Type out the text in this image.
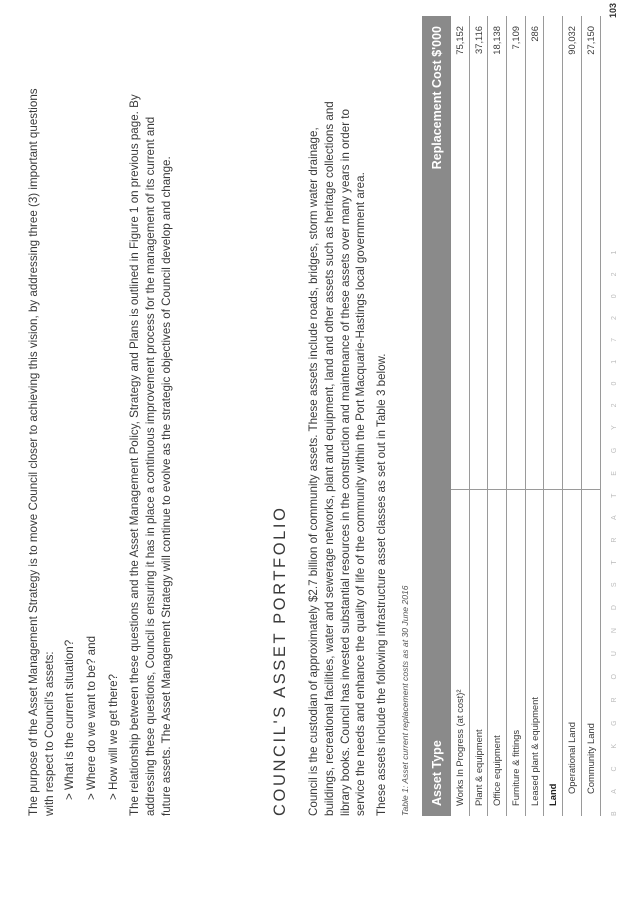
The purpose of the Asset Management Strategy is to move Council closer to achieving this vision, by addressing three (3) important questions with respect to Council's assets: > What is the current situation? > Where do we want to be? and > How will we get there? The relationship between these questions and the Asset Management Policy, Strategy and Plans is outlined in Figure 1 on previous page. By addressing these questions, Council is ensuring it has in place a continuous improvement process for the management of its current and future assets. The Asset Management Strategy will continue to evolve as the strategic objectives of Council develop and change.	COUNCIL'S ASSET PORTFOLIO Council is the custodian of approximately $2.7 billion of community assets. These assets include roads, bridges, storm water drainage, buildings, recreational facilities, water and sewerage networks, plant and equipment, land and other assets such as heritage collections and library books. Council has invested substantial resources in the construction and maintenance of these assets over many years in order to service the needs and enhance the quality of life of the community within the Port Macquarie-Hastings local government area. These assets include the following infrastructure asset classes as set out in Table 3 below. Table 1: Asset current replacement costs as at 30 June 2016 Asset Type
Replacement Cost $'000
Works In Progress (at cost)²
75,152
Plant & equipment
37,116
Office equipment
18,138
Furniture & fittings
7,109
Leased plant & equipment
286
Land
Operational Land
90,032
Community Land
27,150
B A C K G R O U N D S T R A T E G Y 2 0 1 7 2 0 2 1
103
